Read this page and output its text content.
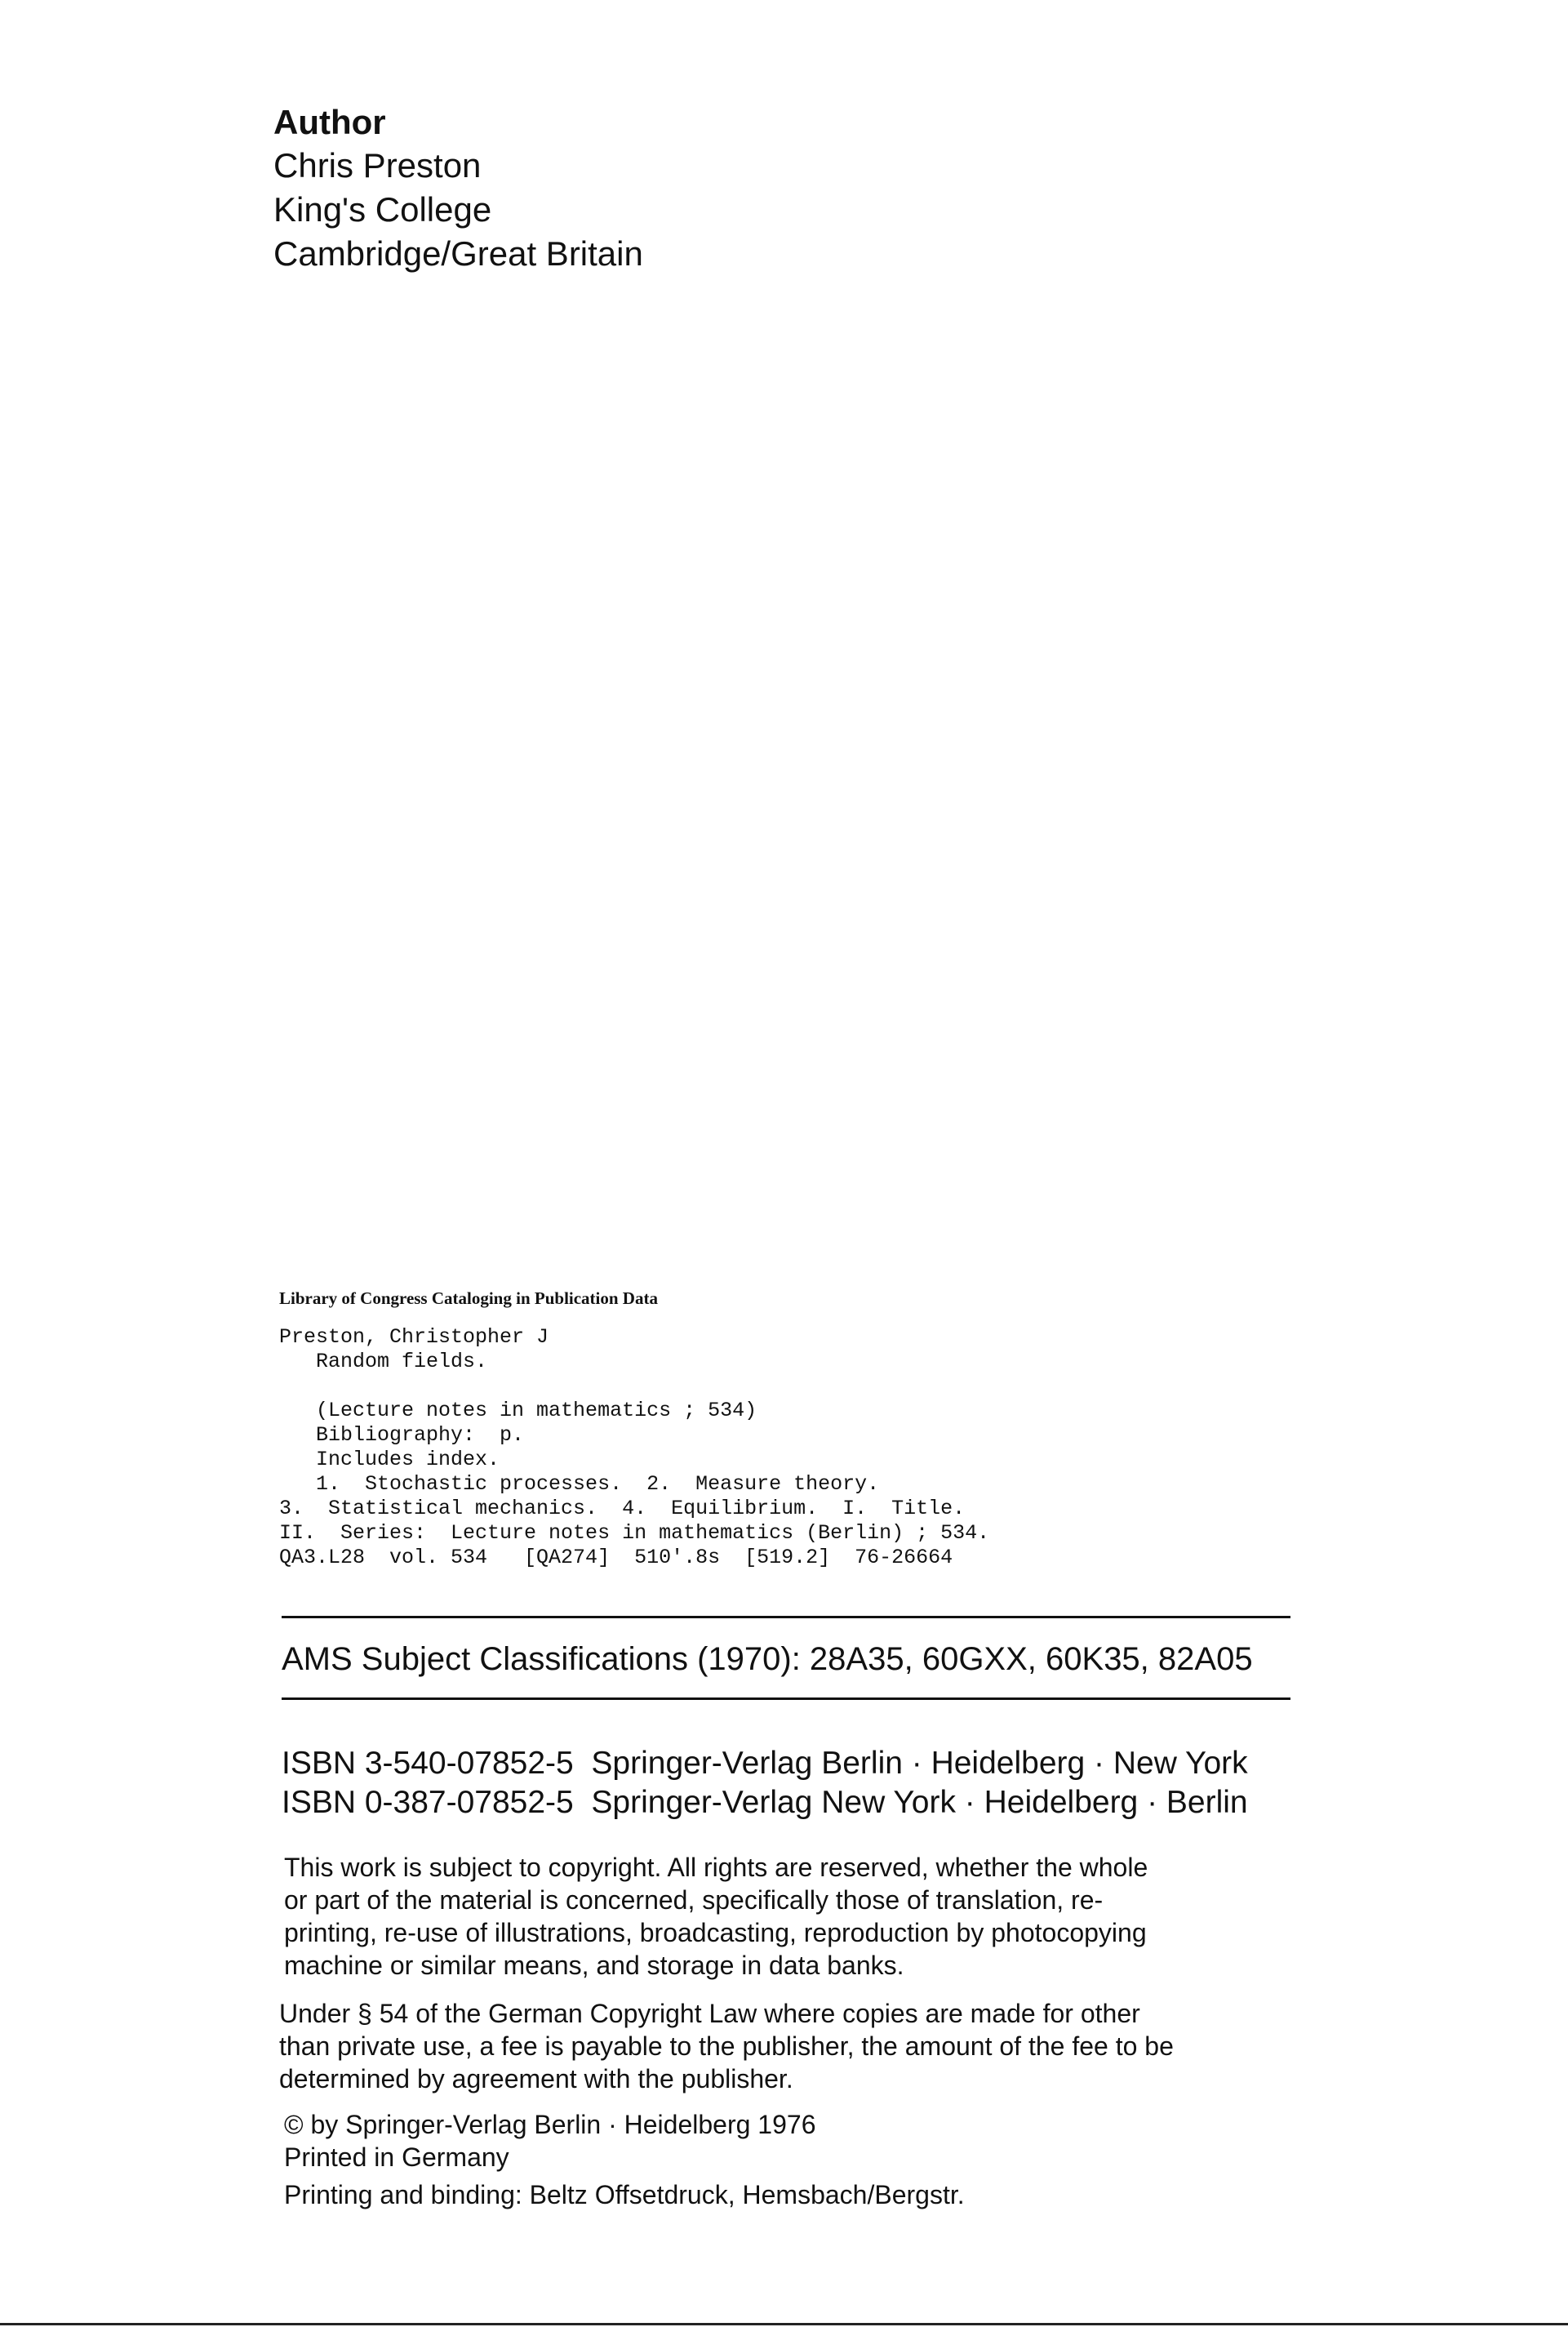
Author

Chris Preston

King's College

Cambridge/Great Britain

Library of Congress Cataloging in Publication Data

Preston, Christopher J

Random fields.

(Lecture notes in mathematics ; 534)

Bibliography:  p.

Includes index.

1.  Stochastic processes.  2.  Measure theory.

3.  Statistical mechanics.  4.  Equilibrium.  I.  Title.

II.  Series:  Lecture notes in mathematics (Berlin) ; 534.

QA3.L28  vol. 534   [QA274]  510'.8s  [519.2]  76-26664

AMS Subject Classifications (1970): 28A35, 60GXX, 60K35, 82A05

ISBN 3-540-07852-5  Springer-Verlag Berlin · Heidelberg · New York

ISBN 0-387-07852-5  Springer-Verlag New York · Heidelberg · Berlin

This work is subject to copyright. All rights are reserved, whether the whole

or part of the material is concerned, specifically those of translation, re-

printing, re-use of illustrations, broadcasting, reproduction by photocopying

machine or similar means, and storage in data banks.

Under § 54 of the German Copyright Law where copies are made for other

than private use, a fee is payable to the publisher, the amount of the fee to be

determined by agreement with the publisher.

© by Springer-Verlag Berlin · Heidelberg 1976

Printed in Germany

Printing and binding: Beltz Offsetdruck, Hemsbach/Bergstr.
